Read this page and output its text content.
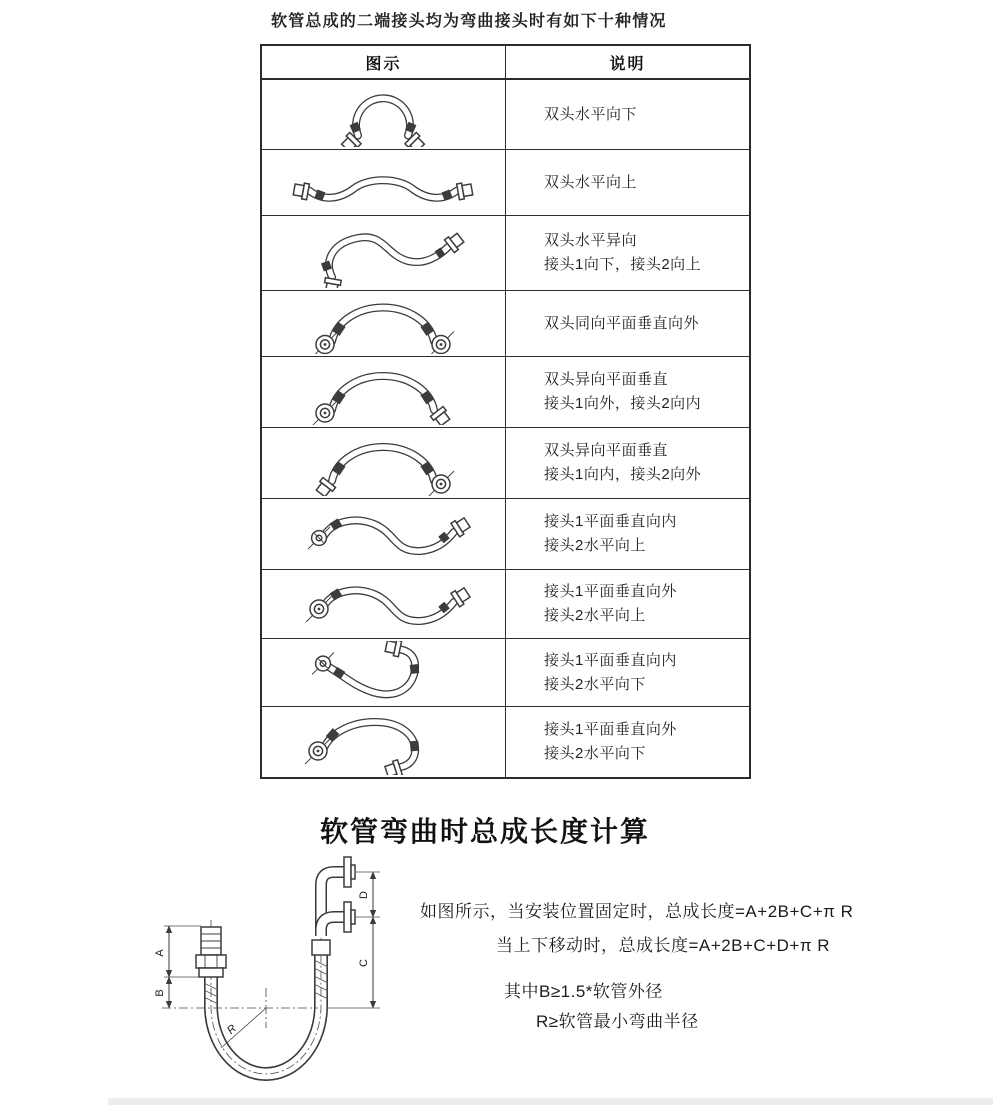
软管总成的二端接头均为弯曲接头时有如下十种情况
图示	说明
双头水平向下
双头水平向上
双头水平异向
接头1向下，接头2向上
双头同向平面垂直向外
双头异向平面垂直
接头1向外，接头2向内
双头异向平面垂直
接头1向内，接头2向外
接头1平面垂直向内
接头2水平向上
接头1平面垂直向外
接头2水平向上
接头1平面垂直向内
接头2水平向下
接头1平面垂直向外
接头2水平向下
软管弯曲时总成长度计算
A
B
D
C
R
如图所示，当安装位置固定时，总成长度=A+2B+C+π R
当上下移动时，总成长度=A+2B+C+D+π R
其中B≥1.5*软管外径
R≥软管最小弯曲半径
